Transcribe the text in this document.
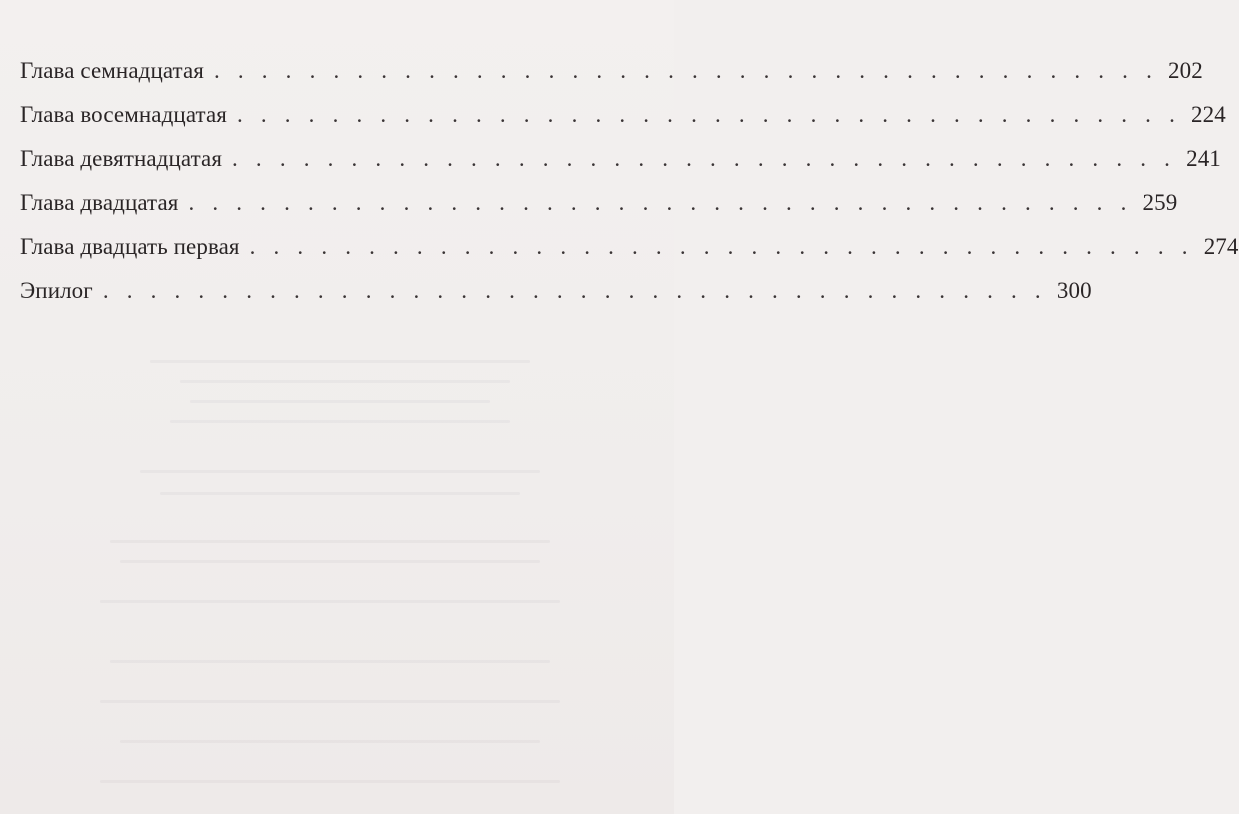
Глава семнадцатая . . . . . . . . . . . . . . . . . . . . . . . . . . . . . . . . . . . . . . . . 202
Глава восемнадцатая . . . . . . . . . . . . . . . . . . . . . . . . . . . . . . . . . . . . . . . . 224
Глава девятнадцатая . . . . . . . . . . . . . . . . . . . . . . . . . . . . . . . . . . . . . . . . 241
Глава двадцатая . . . . . . . . . . . . . . . . . . . . . . . . . . . . . . . . . . . . . . . . 259
Глава двадцать первая . . . . . . . . . . . . . . . . . . . . . . . . . . . . . . . . . . . . . . . . 274
Эпилог . . . . . . . . . . . . . . . . . . . . . . . . . . . . . . . . . . . . . . . . 300
